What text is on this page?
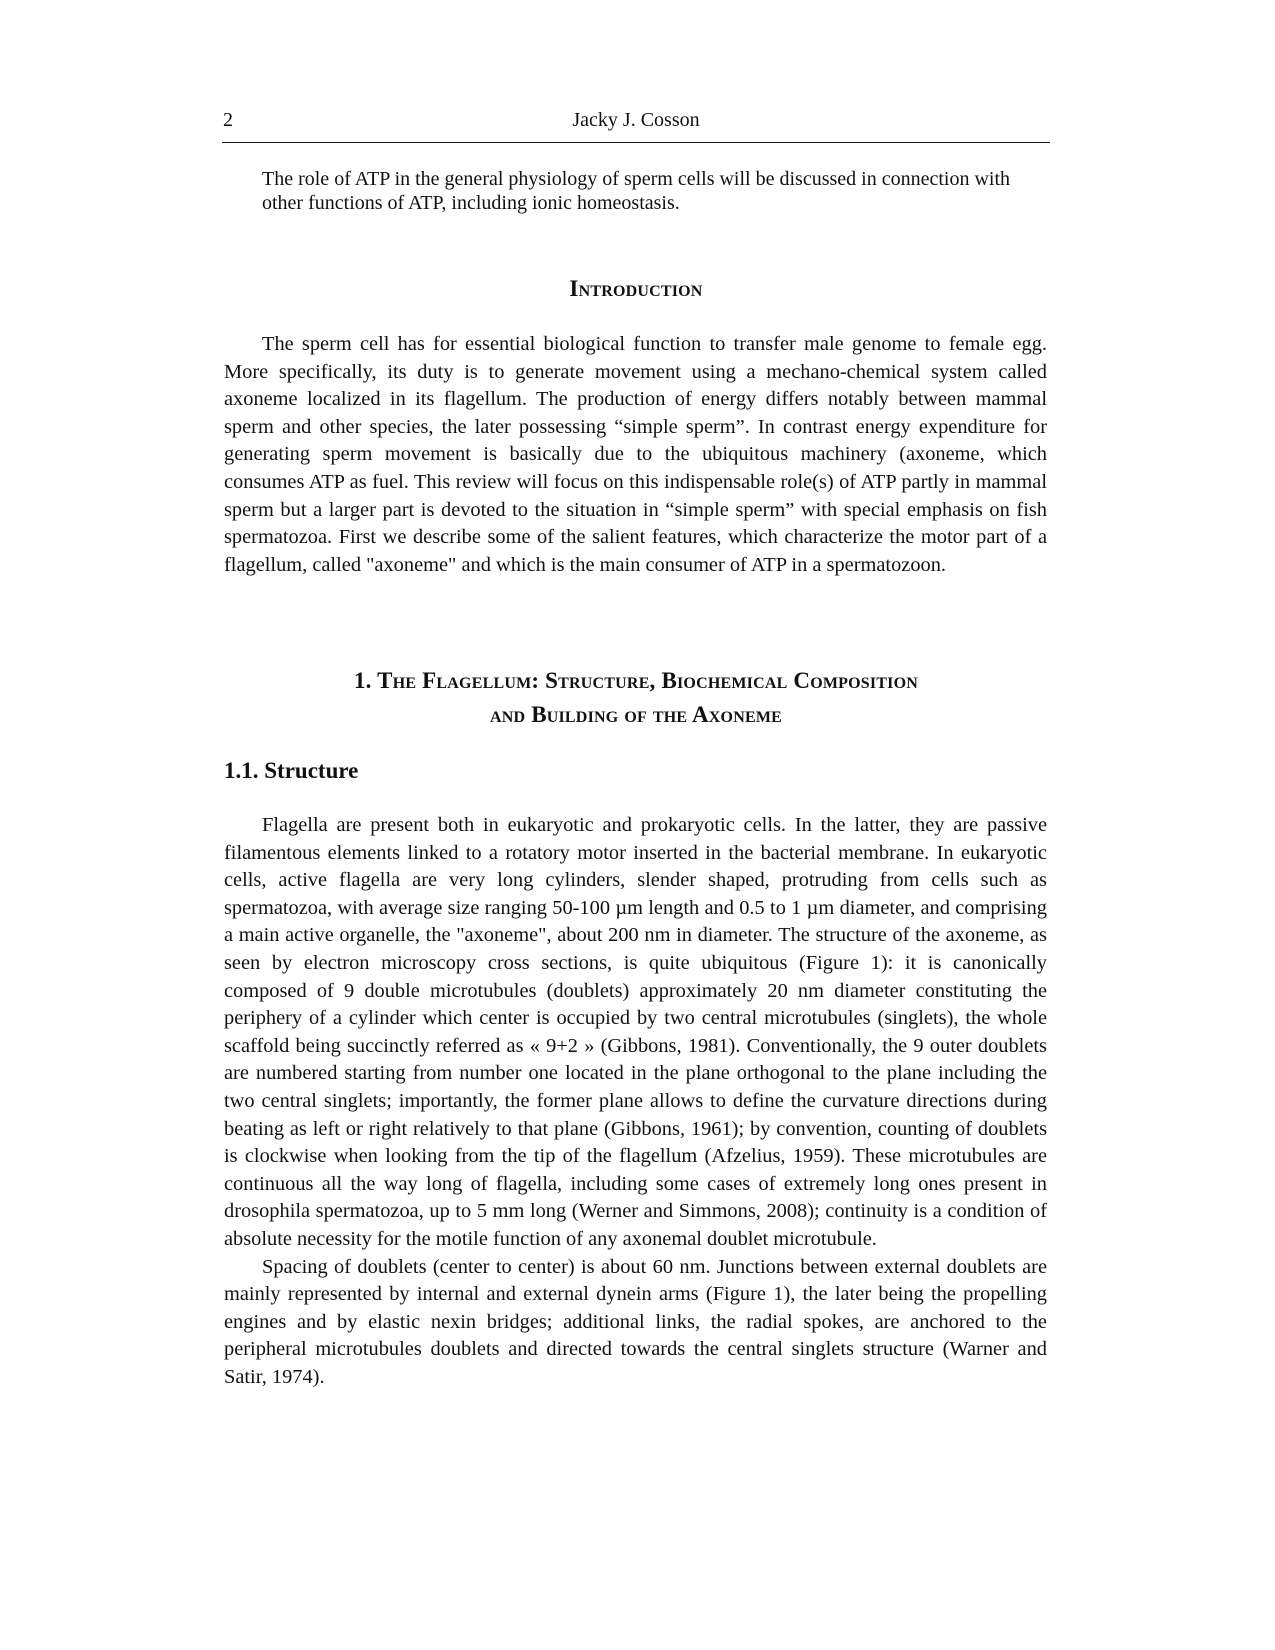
2	Jacky J. Cosson
The role of ATP in the general physiology of sperm cells will be discussed in connection with other functions of ATP, including ionic homeostasis.
Introduction

The sperm cell has for essential biological function to transfer male genome to female egg. More specifically, its duty is to generate movement using a mechano-chemical system called axoneme localized in its flagellum. The production of energy differs notably between mammal sperm and other species, the later possessing “simple sperm”. In contrast energy expenditure for generating sperm movement is basically due to the ubiquitous machinery (axoneme, which consumes ATP as fuel. This review will focus on this indispensable role(s) of ATP partly in mammal sperm but a larger part is devoted to the situation in “simple sperm” with special emphasis on fish spermatozoa. First we describe some of the salient features, which characterize the motor part of a flagellum, called "axoneme" and which is the main consumer of ATP in a spermatozoon.

1. The Flagellum: Structure, Biochemical Composition
and Building of the Axoneme
1.1. Structure

Flagella are present both in eukaryotic and prokaryotic cells. In the latter, they are passive filamentous elements linked to a rotatory motor inserted in the bacterial membrane. In eukaryotic cells, active flagella are very long cylinders, slender shaped, protruding from cells such as spermatozoa, with average size ranging 50-100 µm length and 0.5 to 1 µm diameter, and comprising a main active organelle, the "axoneme", about 200 nm in diameter. The structure of the axoneme, as seen by electron microscopy cross sections, is quite ubiquitous (Figure 1): it is canonically composed of 9 double microtubules (doublets) approximately 20 nm diameter constituting the periphery of a cylinder which center is occupied by two central microtubules (singlets), the whole scaffold being succinctly referred as « 9+2 » (Gibbons, 1981). Conventionally, the 9 outer doublets are numbered starting from number one located in the plane orthogonal to the plane including the two central singlets; importantly, the former plane allows to define the curvature directions during beating as left or right relatively to that plane (Gibbons, 1961); by convention, counting of doublets is clockwise when looking from the tip of the flagellum (Afzelius, 1959). These microtubules are continuous all the way long of flagella, including some cases of extremely long ones present in drosophila spermatozoa, up to 5 mm long (Werner and Simmons, 2008); continuity is a condition of absolute necessity for the motile function of any axonemal doublet microtubule.

Spacing of doublets (center to center) is about 60 nm. Junctions between external doublets are mainly represented by internal and external dynein arms (Figure 1), the later being the propelling engines and by elastic nexin bridges; additional links, the radial spokes, are anchored to the peripheral microtubules doublets and directed towards the central singlets structure (Warner and Satir, 1974).
